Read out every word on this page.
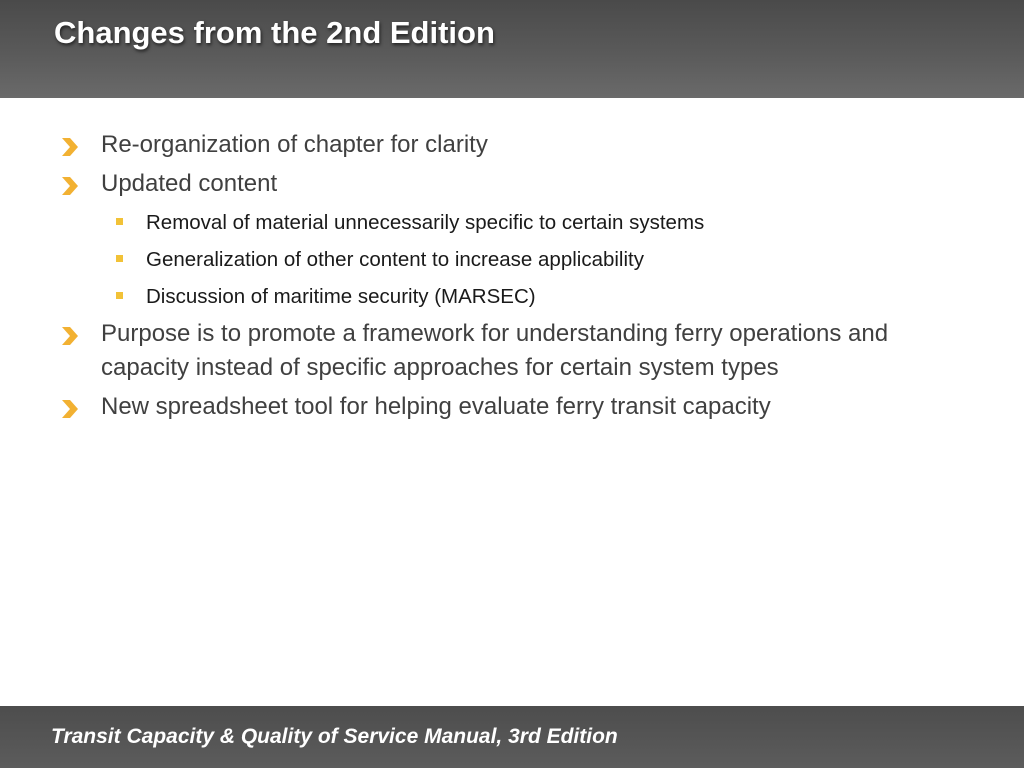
Changes from the 2nd Edition
Re-organization of chapter for clarity
Updated content
Removal of material unnecessarily specific to certain systems
Generalization of other content to increase applicability
Discussion of maritime security (MARSEC)
Purpose is to promote a framework for understanding ferry operations and capacity instead of specific approaches for certain system types
New spreadsheet tool for helping evaluate ferry transit capacity
Transit Capacity & Quality of Service Manual, 3rd Edition
